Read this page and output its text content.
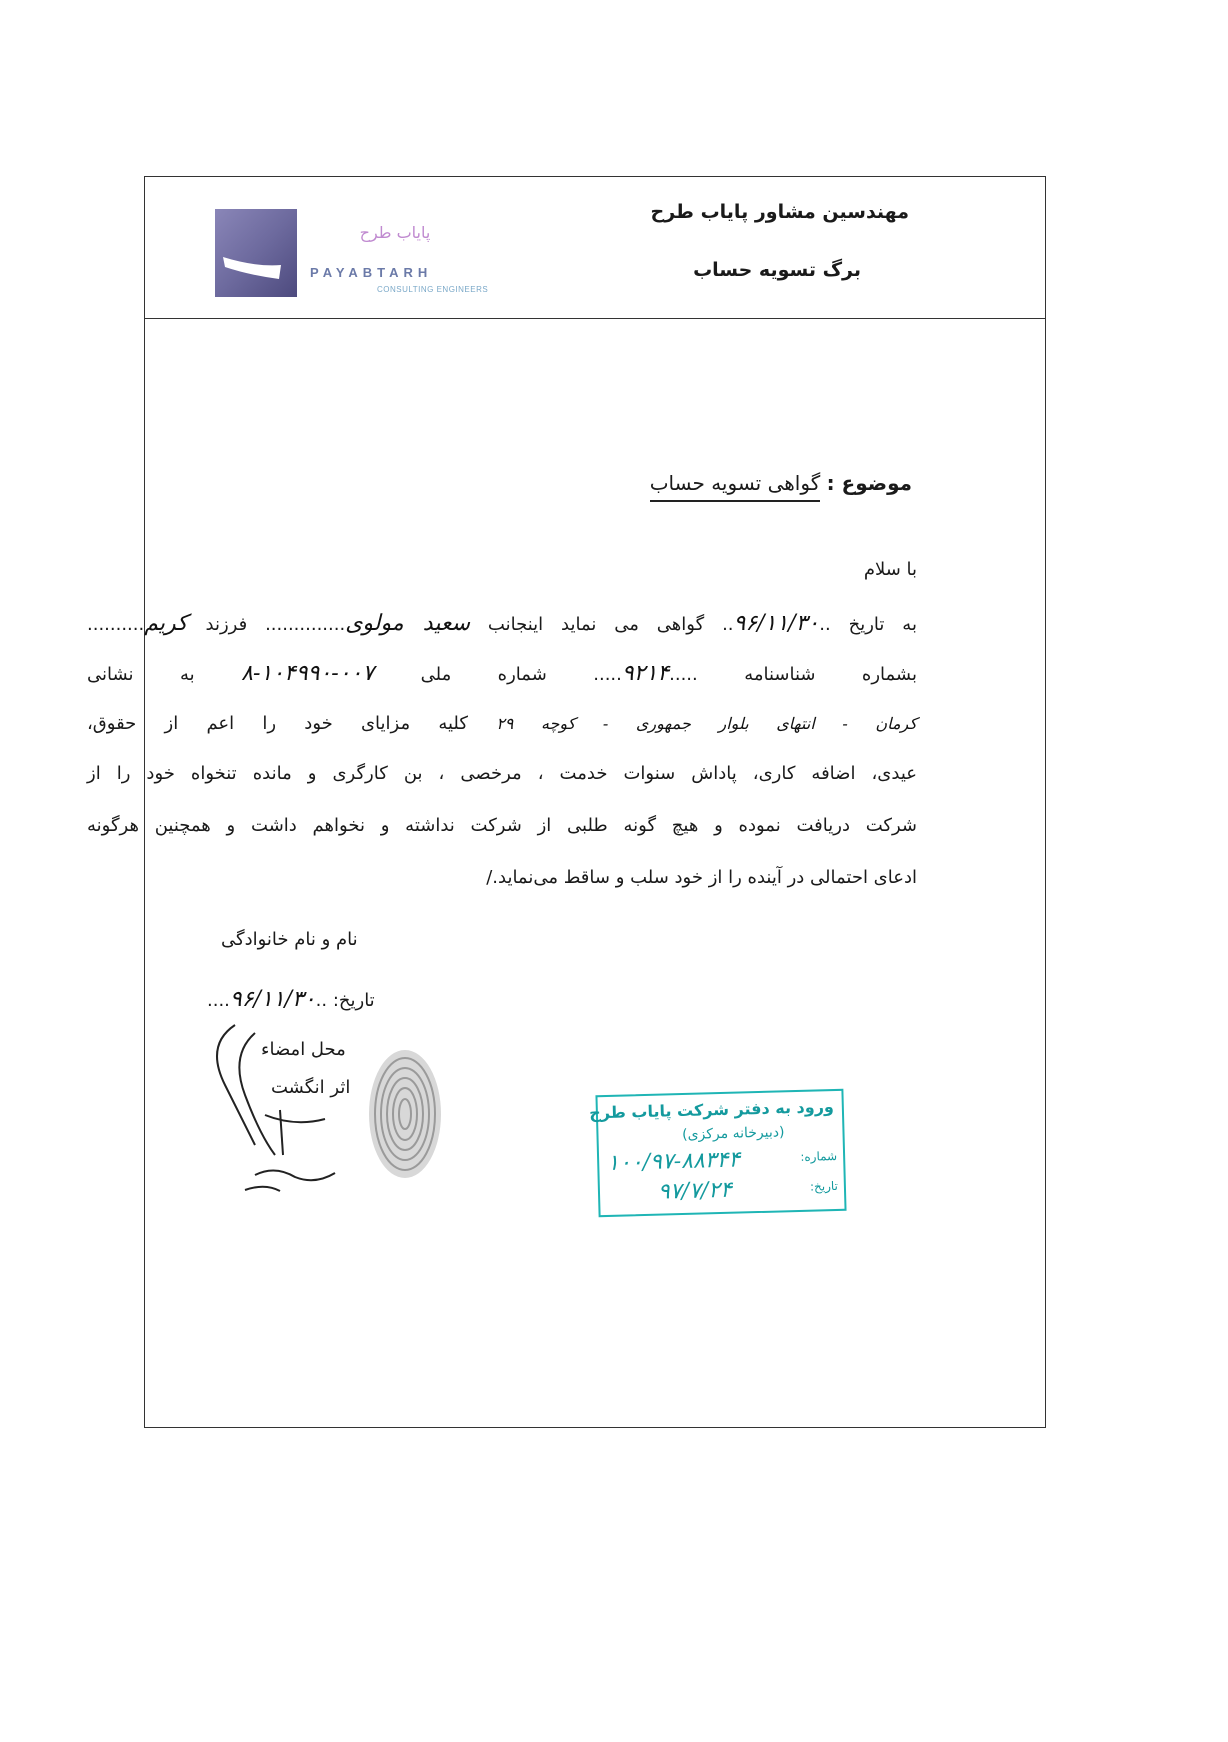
پایاب طرح
PAYABTARH
CONSULTING ENGINEERS
مهندسین مشاور پایاب طرح
برگ تسویه حساب
موضوع : گواهی تسویه حساب
با سلام
به تاریخ ..۹۶/۱۱/۳۰.. گواهی می نماید اینجانب سعید مولوی.............. فرزند کریم..........
بشماره شناسنامه .....۹۲۱۴..... شماره ملی ۰۰۷-۱۰۴۹۹۰-۸ به نشانی
کرمان - انتهای بلوار جمهوری - کوچه ۲۹ کلیه مزایای خود را اعم از حقوق،
عیدی، اضافه کاری، پاداش سنوات خدمت ، مرخصی ، بن کارگری و مانده تنخواه خود را از
شرکت دریافت نموده و هیچ گونه طلبی از شرکت نداشته و نخواهم داشت و همچنین هرگونه
ادعای احتمالی در آینده را از خود سلب و ساقط می‌نماید./
نام و نام خانوادگی
تاریخ: ..۹۶/۱۱/۳۰....
محل امضاء
اثر انگشت
ورود به دفتر شرکت پایاب طرح
(دبیرخانه مرکزی)
شماره:
تاریخ:
۱۰۰/۹۷-۸۸۳۴۴
۹۷/۷/۲۴
